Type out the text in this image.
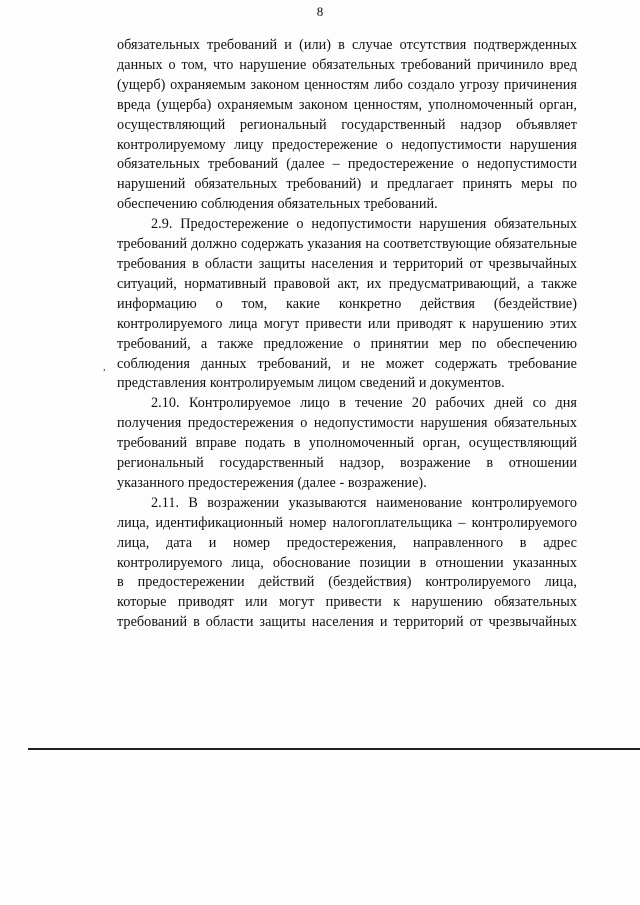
8
,

обязательных требований и (или) в случае отсутствия подтвержденных
данных о том, что нарушение обязательных требований причинило вред
(ущерб) охраняемым законом ценностям либо создало угрозу причинения
вреда (ущерба) охраняемым законом ценностям, уполномоченный орган,
осуществляющий региональный государственный надзор объявляет
контролируемому лицу предостережение о недопустимости нарушения
обязательных требований (далее – предостережение о недопустимости
нарушений обязательных требований) и предлагает принять меры по
обеспечению соблюдения обязательных требований.

2.9. Предостережение о недопустимости нарушения обязательных
требований должно содержать указания на соответствующие обязательные
требования в области защиты населения и территорий от чрезвычайных
ситуаций, нормативный правовой акт, их предусматривающий, а также
информацию о том, какие конкретно действия (бездействие)
контролируемого лица могут привести или приводят к нарушению этих
требований, а также предложение о принятии мер по обеспечению
соблюдения данных требований, и не может содержать требование
представления контролируемым лицом сведений и документов.

2.10. Контролируемое лицо в течение 20 рабочих дней со дня
получения предостережения о недопустимости нарушения обязательных
требований вправе подать в уполномоченный орган, осуществляющий
региональный государственный надзор, возражение в отношении
указанного предостережения (далее - возражение).

2.11. В возражении указываются наименование контролируемого
лица, идентификационный номер налогоплательщика – контролируемого
лица, дата и номер предостережения, направленного в адрес
контролируемого лица, обоснование позиции в отношении указанных
в предостережении действий (бездействия) контролируемого лица,
которые приводят или могут привести к нарушению обязательных
требований в области защиты населения и территорий от чрезвычайных
